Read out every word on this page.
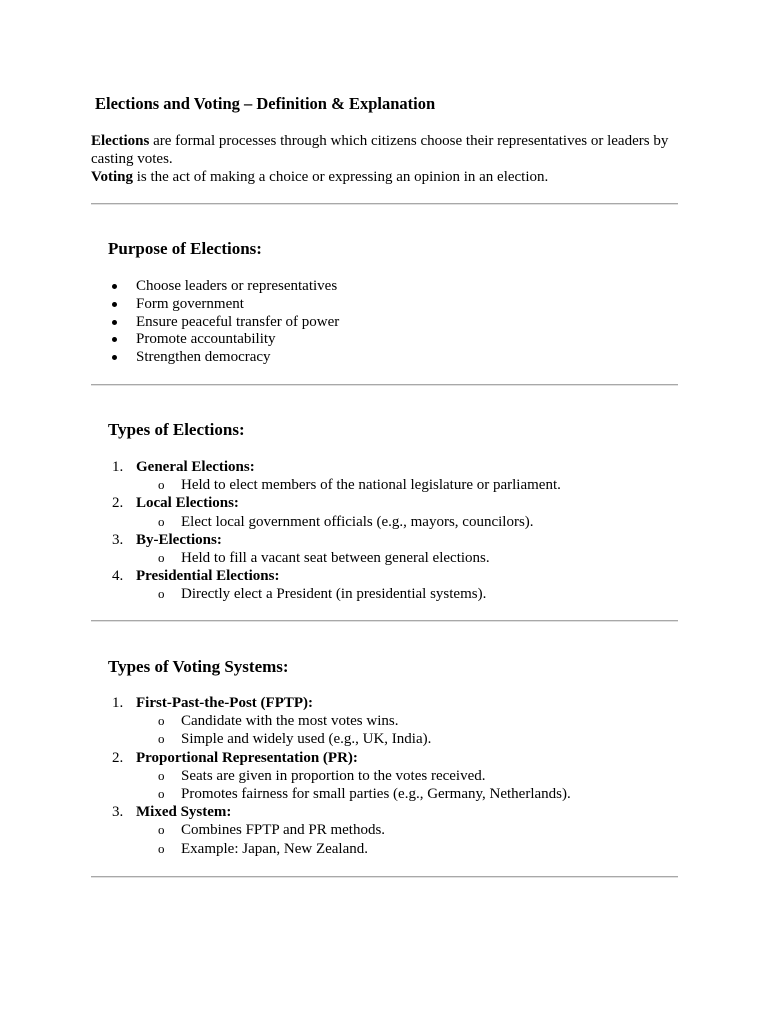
Elections and Voting – Definition & Explanation

Elections are formal processes through which citizens choose their representatives or leaders by casting votes.

Voting is the act of making a choice or expressing an opinion in an election.

Purpose of Elections:
Choose leaders or representatives
Form government
Ensure peaceful transfer of power
Promote accountability
Strengthen democracy
Types of Elections:
1. General Elections:
o Held to elect members of the national legislature or parliament.
2. Local Elections:
o Elect local government officials (e.g., mayors, councilors).
3. By-Elections:
o Held to fill a vacant seat between general elections.
4. Presidential Elections:
o Directly elect a President (in presidential systems).
Types of Voting Systems:
1. First-Past-the-Post (FPTP):
o Candidate with the most votes wins.
o Simple and widely used (e.g., UK, India).
2. Proportional Representation (PR):
o Seats are given in proportion to the votes received.
o Promotes fairness for small parties (e.g., Germany, Netherlands).
3. Mixed System:
o Combines FPTP and PR methods.
o Example: Japan, New Zealand.
